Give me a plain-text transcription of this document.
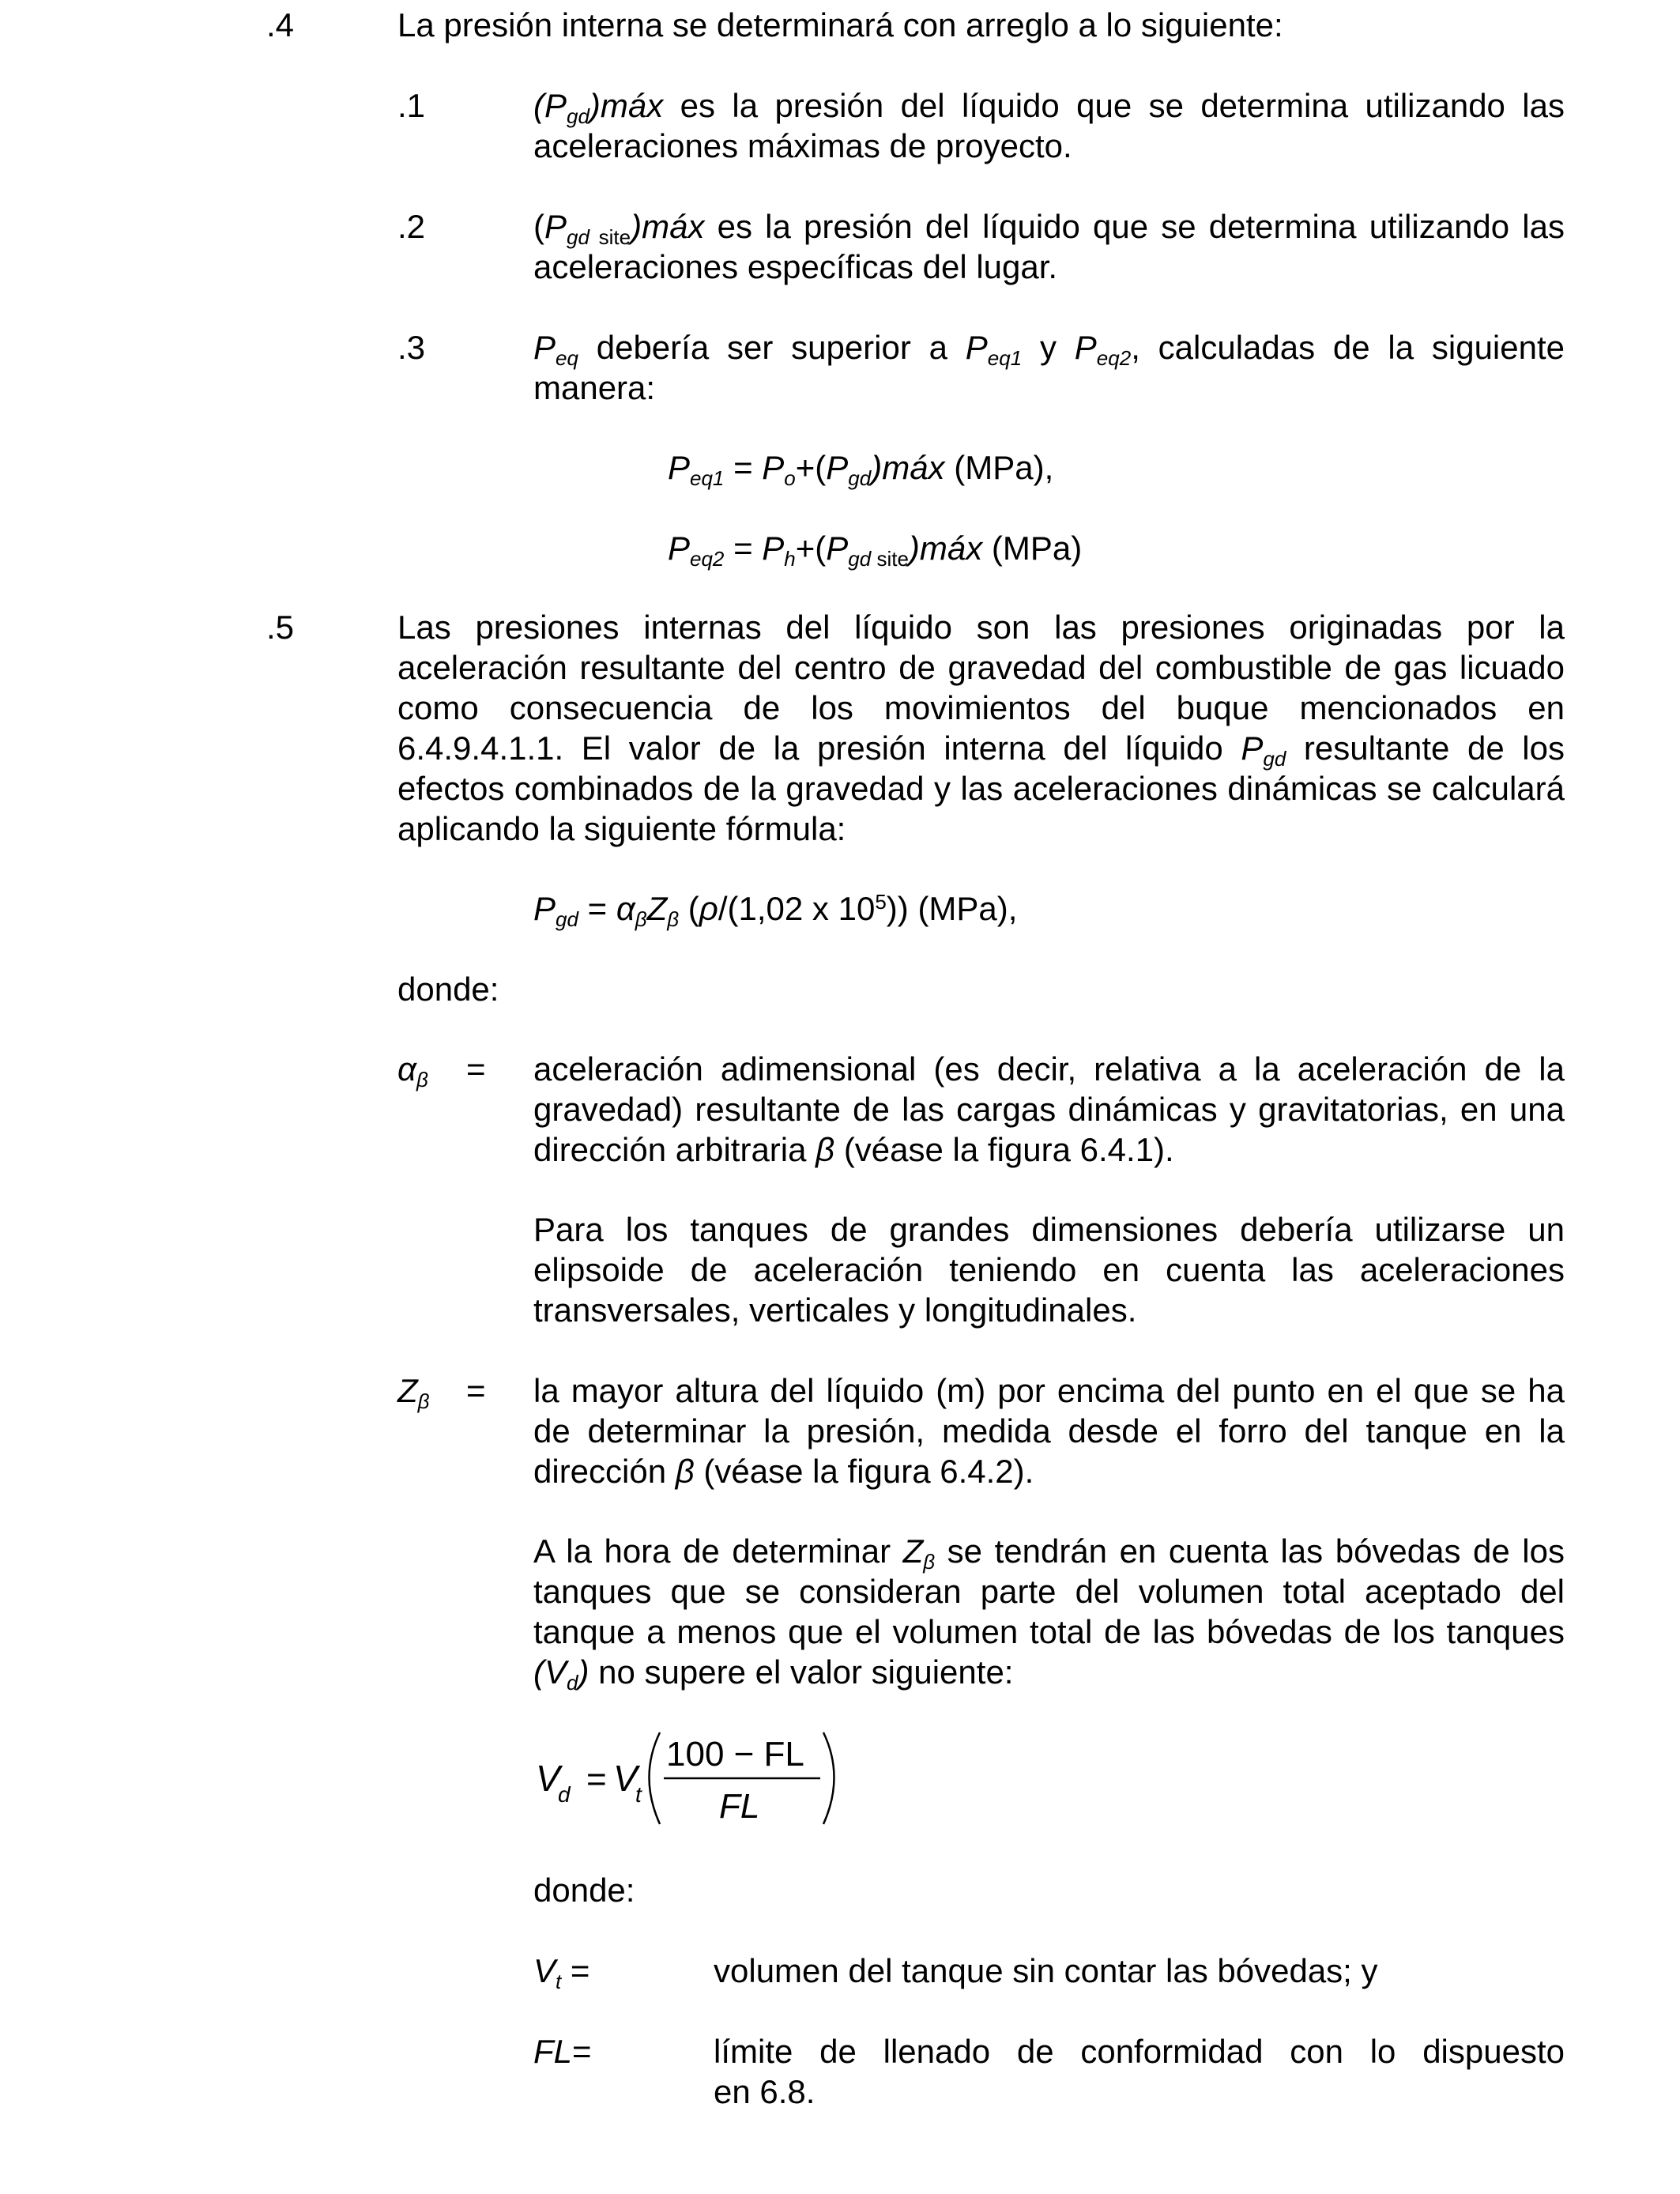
.4	La presión interna se determinará con arreglo a lo siguiente:
.1	$(P_{gd})máx$ es la presión del líquido que se determina utilizando las aceleraciones máximas de proyecto.
.2	($P_{gd}$ $_{site}$)máx es la presión del líquido que se determina utilizando las aceleraciones específicas del lugar.
.3	$P_{eq}$ debería ser superior a $P_{eq1}$ y $P_{eq2}$, calculadas de la siguiente manera:
$P_{eq1}$ = $P_o+(P_{gd})máx$ (MPa),
$P_{eq2} = P_h+(P_{gd}$ $_{site}$)máx (MPa)
.5	Las presiones internas del líquido son las presiones originadas por la aceleración resultante del centro de gravedad del combustible de gas licuado como consecuencia de los movimientos del buque mencionados en 6.4.9.4.1.1. El valor de la presión interna del líquido $P_{gd}$ resultante de los efectos combinados de la gravedad y las aceleraciones dinámicas se calculará aplicando la siguiente fórmula:
$P_{gd} = \alpha_\beta Z_\beta$ (ρ/(1,02 x $10^5$)) (MPa),
donde:
$\alpha_\beta$ = aceleración adimensional (es decir, relativa a la aceleración de la gravedad) resultante de las cargas dinámicas y gravitatorias, en una dirección arbitraria β (véase la figura 6.4.1).
Para los tanques de grandes dimensiones debería utilizarse un elipsoide de aceleración teniendo en cuenta las aceleraciones transversales, verticales y longitudinales.
$Z_\beta$ = la mayor altura del líquido (m) por encima del punto en el que se ha de determinar la presión, medida desde el forro del tanque en la dirección β (véase la figura 6.4.2).
A la hora de determinar $Z_\beta$ se tendrán en cuenta las bóvedas de los tanques que se consideran parte del volumen total aceptado del tanque a menos que el volumen total de las bóvedas de los tanques $(V_d)$ no supere el valor siguiente:
V
d = V
t
100 − FL
FL
donde:
$V_t$ =	volumen del tanque sin contar las bóvedas; y
FL=	límite de llenado de conformidad con lo dispuesto
en 6.8.
